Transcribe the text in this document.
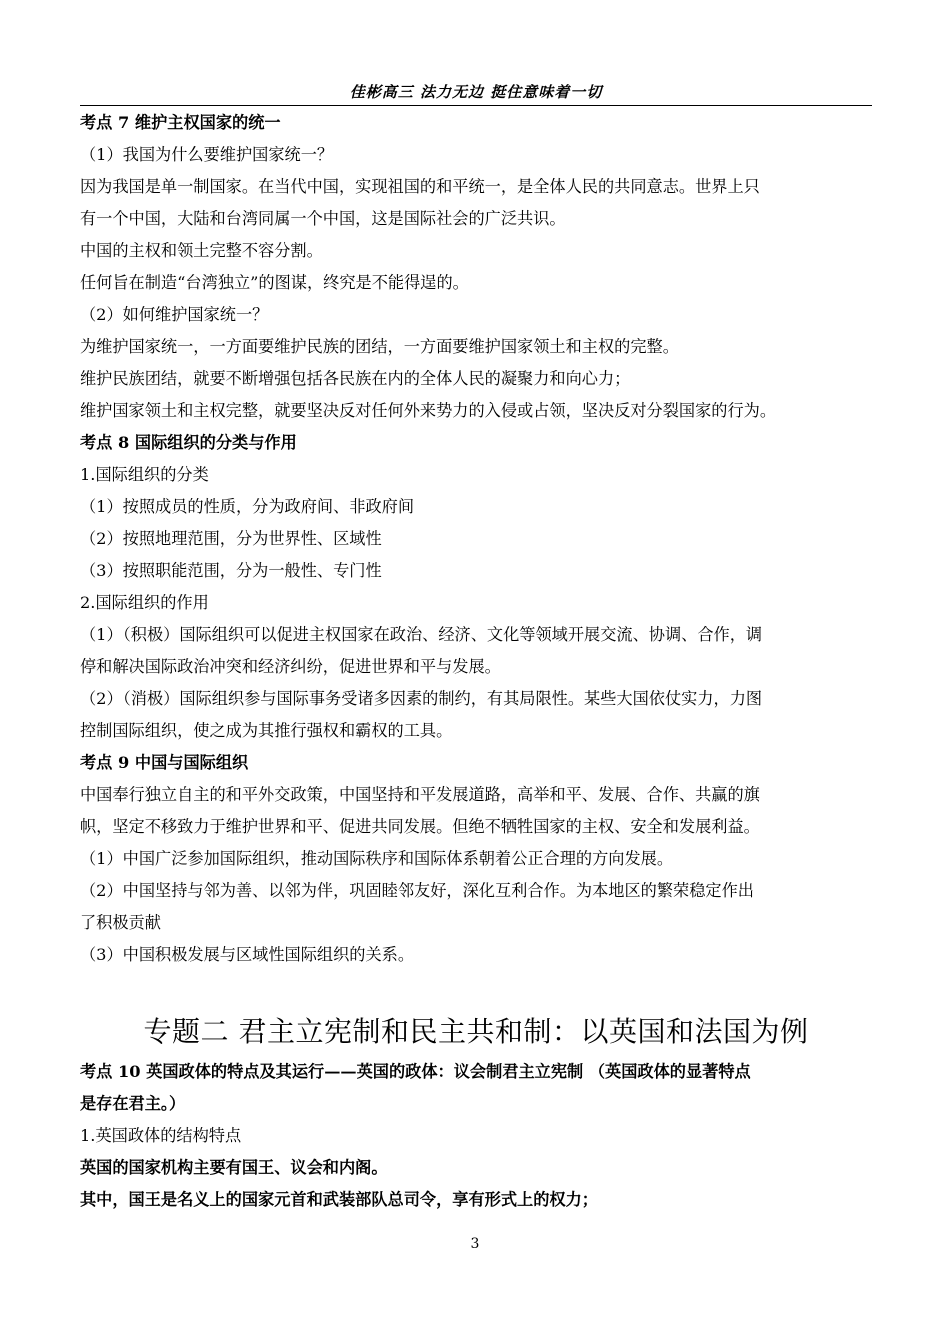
佳彬高三 法力无边 挺住意味着一切
考点 7 维护主权国家的统一
（1）我国为什么要维护国家统一？
因为我国是单一制国家。在当代中国，实现祖国的和平统一，是全体人民的共同意志。世界上只
有一个中国，大陆和台湾同属一个中国，这是国际社会的广泛共识。
中国的主权和领土完整不容分割。
任何旨在制造“台湾独立”的图谋，终究是不能得逞的。
（2）如何维护国家统一？
为维护国家统一，一方面要维护民族的团结，一方面要维护国家领土和主权的完整。
维护民族团结，就要不断增强包括各民族在内的全体人民的凝聚力和向心力；
维护国家领土和主权完整，就要坚决反对任何外来势力的入侵或占领，坚决反对分裂国家的行为。
考点 8 国际组织的分类与作用
1.国际组织的分类
（1）按照成员的性质，分为政府间、非政府间
（2）按照地理范围，分为世界性、区域性
（3）按照职能范围，分为一般性、专门性
2.国际组织的作用
（1）（积极）国际组织可以促进主权国家在政治、经济、文化等领域开展交流、协调、合作，调
停和解决国际政治冲突和经济纠纷，促进世界和平与发展。
（2）（消极）国际组织参与国际事务受诸多因素的制约，有其局限性。某些大国依仗实力，力图
控制国际组织，使之成为其推行强权和霸权的工具。
考点 9 中国与国际组织
中国奉行独立自主的和平外交政策，中国坚持和平发展道路，高举和平、发展、合作、共赢的旗
帜，坚定不移致力于维护世界和平、促进共同发展。但绝不牺牲国家的主权、安全和发展利益。
（1）中国广泛参加国际组织，推动国际秩序和国际体系朝着公正合理的方向发展。
（2）中国坚持与邻为善、以邻为伴，巩固睦邻友好，深化互利合作。为本地区的繁荣稳定作出
了积极贡献
（3）中国积极发展与区域性国际组织的关系。
专题二 君主立宪制和民主共和制：以英国和法国为例
考点 10 英国政体的特点及其运行——英国的政体：议会制君主立宪制 （英国政体的显著特点
是存在君主。）
1.英国政体的结构特点
英国的国家机构主要有国王、议会和内阁。
其中，国王是名义上的国家元首和武装部队总司令，享有形式上的权力；
3
